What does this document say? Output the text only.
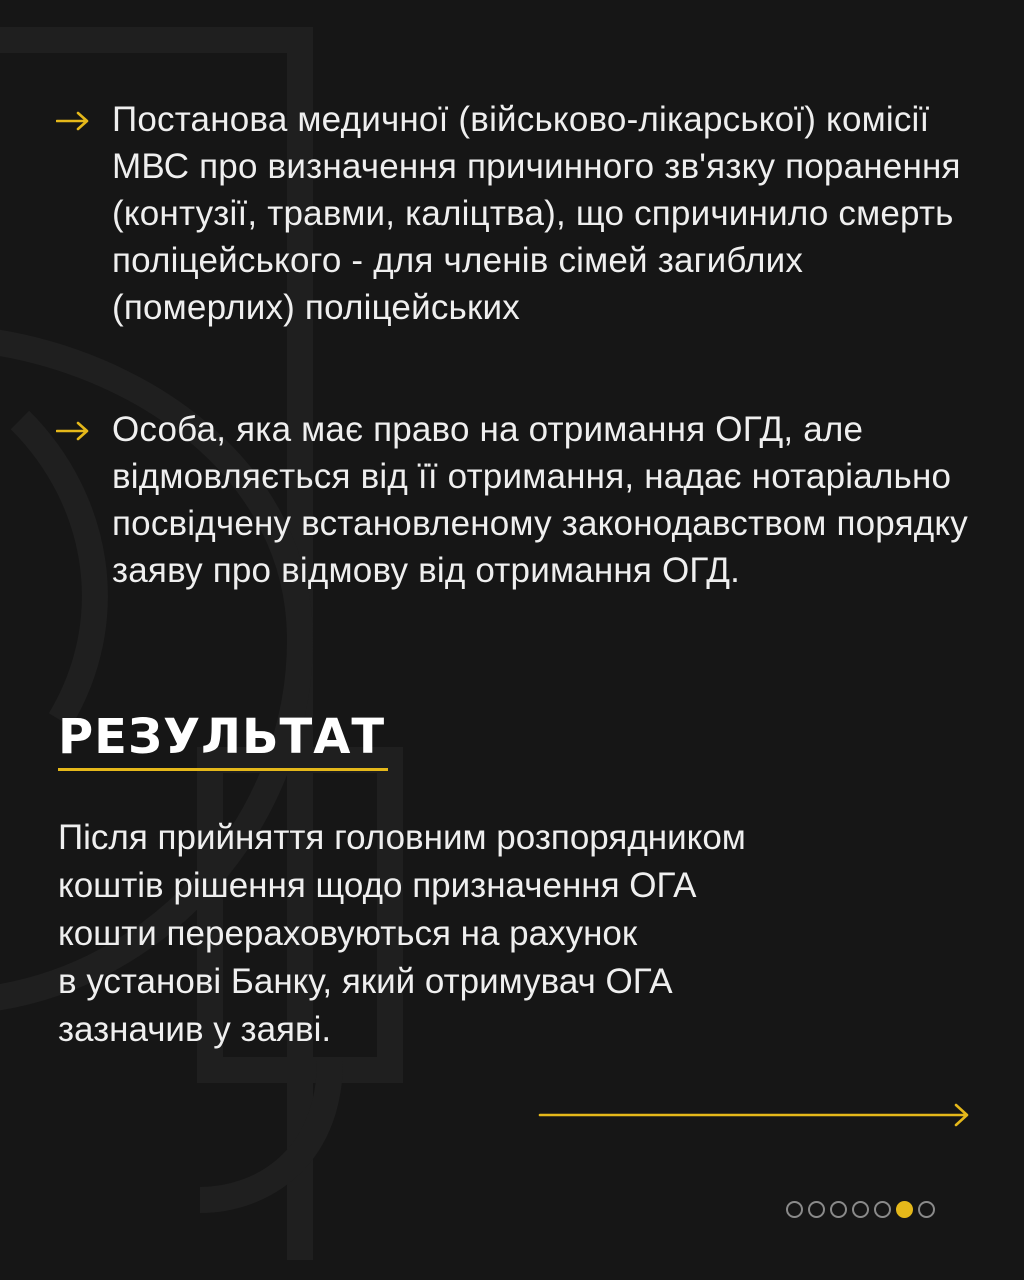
Постанова медичної (військово-лікарської) комісії МВС про визначення причинного зв'язку поранення (контузії, травми, каліцтва), що спричинило смерть поліцейського - для членів сімей загиблих (померлих) поліцейських
Особа, яка має право на отримання ОГД, але відмовляється від її отримання, надає нотаріально посвідчену встановленому законодавством порядку заяву про відмову від отримання ОГД.
РЕЗУЛЬТАТ

Після прийняття головним розпорядником
коштів рішення щодо призначення ОГА
кошти перераховуються на рахунок
в установі Банку, який отримувач ОГА
зазначив у заяві.
